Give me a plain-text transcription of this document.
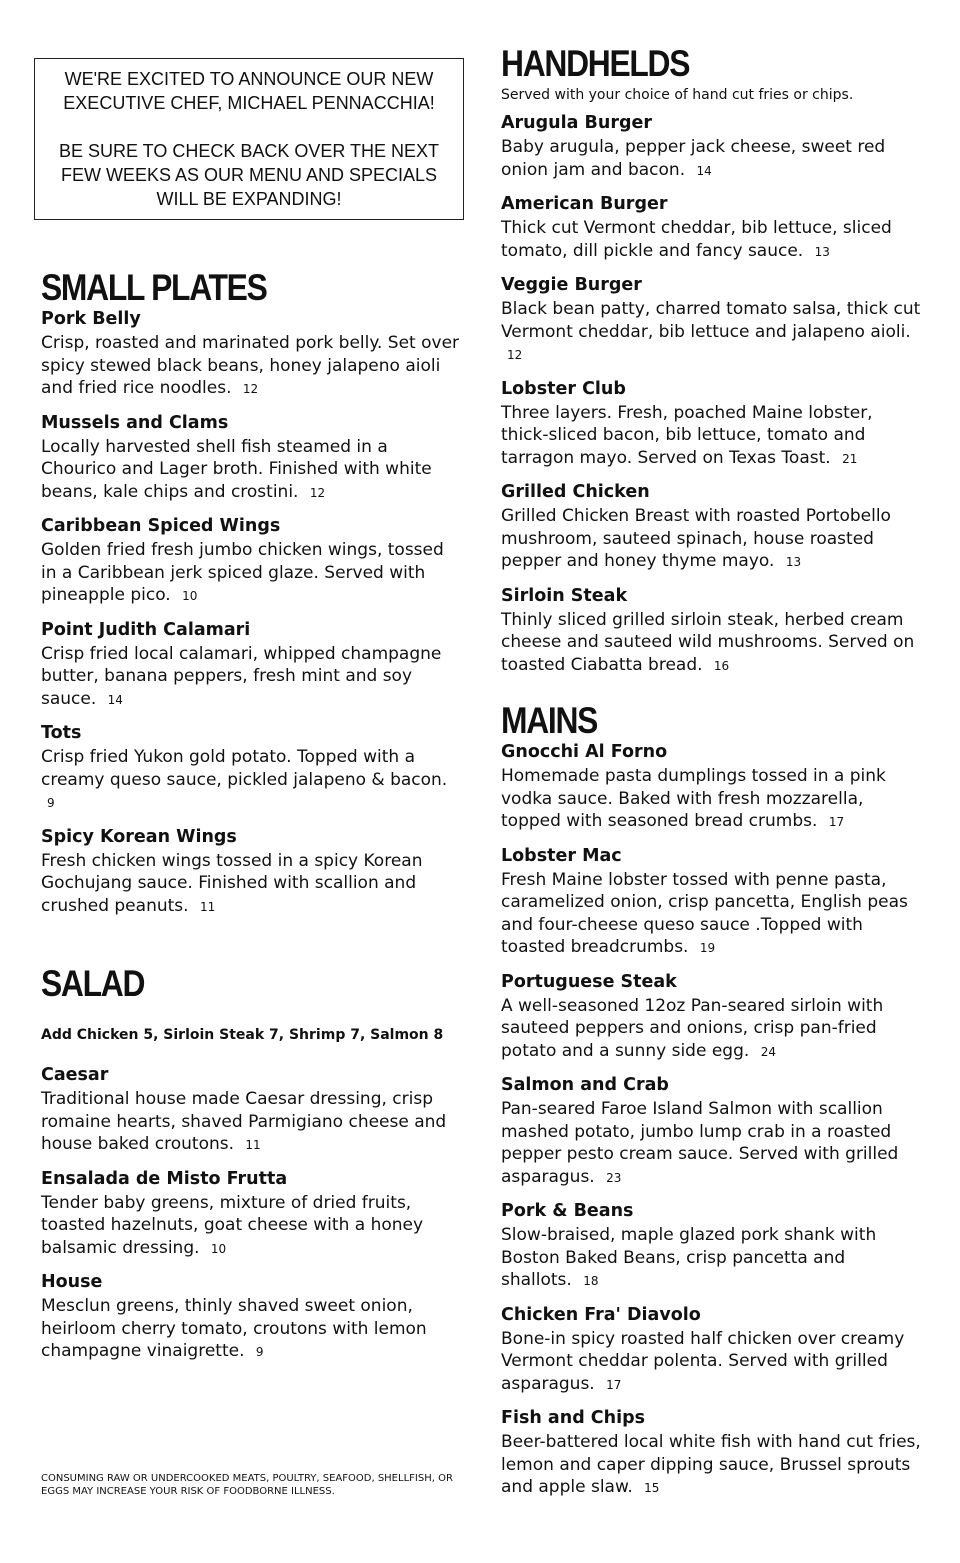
WE'RE EXCITED TO ANNOUNCE OUR NEW EXECUTIVE CHEF, MICHAEL PENNACCHIA!

BE SURE TO CHECK BACK OVER THE NEXT FEW WEEKS AS OUR MENU AND SPECIALS WILL BE EXPANDING!

SMALL PLATES
Pork Belly

Crisp, roasted and marinated pork belly. Set over spicy stewed black beans, honey jalapeno aioli and fried rice noodles. 12

Mussels and Clams

Locally harvested shell fish steamed in a Chourico and Lager broth. Finished with white beans, kale chips and crostini. 12

Caribbean Spiced Wings

Golden fried fresh jumbo chicken wings, tossed in a Caribbean jerk spiced glaze. Served with pineapple pico. 10

Point Judith Calamari

Crisp fried local calamari, whipped champagne butter, banana peppers, fresh mint and soy sauce. 14

Tots

Crisp fried Yukon gold potato. Topped with a creamy queso sauce, pickled jalapeno & bacon. 9

Spicy Korean Wings

Fresh chicken wings tossed in a spicy Korean Gochujang sauce. Finished with scallion and crushed peanuts. 11

SALAD
Add Chicken 5, Sirloin Steak 7, Shrimp 7, Salmon 8
Caesar

Traditional house made Caesar dressing, crisp romaine hearts, shaved Parmigiano cheese and house baked croutons. 11

Ensalada de Misto Frutta

Tender baby greens, mixture of dried fruits, toasted hazelnuts, goat cheese with a honey balsamic dressing. 10

House

Mesclun greens, thinly shaved sweet onion, heirloom cherry tomato, croutons with lemon champagne vinaigrette. 9

CONSUMING RAW OR UNDERCOOKED MEATS, POULTRY, SEAFOOD, SHELLFISH, OR EGGS MAY INCREASE YOUR RISK OF FOODBORNE ILLNESS.
HANDHELDS
Served with your choice of hand cut fries or chips.
Arugula Burger

Baby arugula, pepper jack cheese, sweet red onion jam and bacon. 14

American Burger

Thick cut Vermont cheddar, bib lettuce, sliced tomato, dill pickle and fancy sauce. 13

Veggie Burger

Black bean patty, charred tomato salsa, thick cut Vermont cheddar, bib lettuce and jalapeno aioli. 12

Lobster Club

Three layers. Fresh, poached Maine lobster, thick-sliced bacon, bib lettuce, tomato and tarragon mayo. Served on Texas Toast. 21

Grilled Chicken

Grilled Chicken Breast with roasted Portobello mushroom, sauteed spinach, house roasted pepper and honey thyme mayo. 13

Sirloin Steak

Thinly sliced grilled sirloin steak, herbed cream cheese and sauteed wild mushrooms. Served on toasted Ciabatta bread. 16

MAINS
Gnocchi Al Forno

Homemade pasta dumplings tossed in a pink vodka sauce. Baked with fresh mozzarella, topped with seasoned bread crumbs. 17

Lobster Mac

Fresh Maine lobster tossed with penne pasta, caramelized onion, crisp pancetta, English peas and four-cheese queso sauce .Topped with toasted breadcrumbs. 19

Portuguese Steak

A well-seasoned 12oz Pan-seared sirloin with sauteed peppers and onions, crisp pan-fried potato and a sunny side egg. 24

Salmon and Crab

Pan-seared Faroe Island Salmon with scallion mashed potato, jumbo lump crab in a roasted pepper pesto cream sauce. Served with grilled asparagus. 23

Pork & Beans

Slow-braised, maple glazed pork shank with Boston Baked Beans, crisp pancetta and shallots. 18

Chicken Fra' Diavolo

Bone-in spicy roasted half chicken over creamy Vermont cheddar polenta. Served with grilled asparagus. 17

Fish and Chips

Beer-battered local white fish with hand cut fries, lemon and caper dipping sauce, Brussel sprouts and apple slaw. 15
